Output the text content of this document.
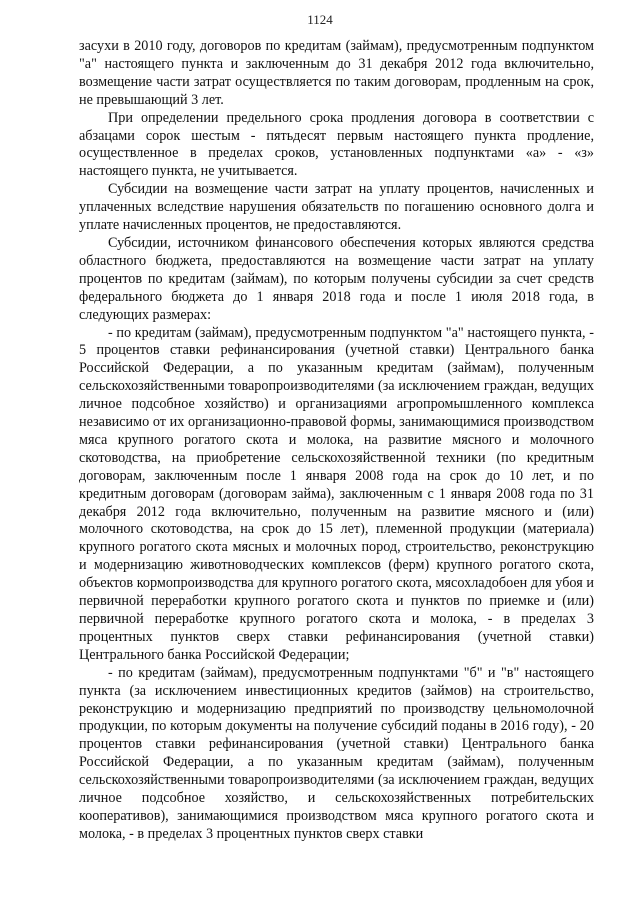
1124

засухи в 2010 году, договоров по кредитам (займам), предусмотренным подпунктом "а" настоящего пункта и заключенным до 31 декабря 2012 года включительно, возмещение части затрат осуществляется по таким договорам, продленным на срок, не превышающий 3 лет.

При определении предельного срока продления договора в соответствии с абзацами сорок шестым - пятьдесят первым настоящего пункта продление, осуществленное в пределах сроков, установленных подпунктами «а» - «з» настоящего пункта, не учитывается.

Субсидии на возмещение части затрат на уплату процентов, начисленных и уплаченных вследствие нарушения обязательств по погашению основного долга и уплате начисленных процентов, не предоставляются.

Субсидии, источником финансового обеспечения которых являются средства областного бюджета, предоставляются на возмещение части затрат на уплату процентов по кредитам (займам), по которым получены субсидии за счет средств федерального бюджета до 1 января 2018 года и после 1 июля 2018 года, в следующих размерах:

- по кредитам (займам), предусмотренным подпунктом "а" настоящего пункта, - 5 процентов ставки рефинансирования (учетной ставки) Центрального банка Российской Федерации, а по указанным кредитам (займам), полученным сельскохозяйственными товаропроизводителями (за исключением граждан, ведущих личное подсобное хозяйство) и организациями агропромышленного комплекса независимо от их организационно-правовой формы, занимающимися производством мяса крупного рогатого скота и молока, на развитие мясного и молочного скотоводства, на приобретение сельскохозяйственной техники (по кредитным договорам, заключенным после 1 января 2008 года на срок до 10 лет, и по кредитным договорам (договорам займа), заключенным с 1 января 2008 года по 31 декабря 2012 года включительно, полученным на развитие мясного и (или) молочного скотоводства, на срок до 15 лет), племенной продукции (материала) крупного рогатого скота мясных и молочных пород, строительство, реконструкцию и модернизацию животноводческих комплексов (ферм) крупного рогатого скота, объектов кормопроизводства для крупного рогатого скота, мясохладобоен для убоя и первичной переработки крупного рогатого скота и пунктов по приемке и (или) первичной переработке крупного рогатого скота и молока, - в пределах 3 процентных пунктов сверх ставки рефинансирования (учетной ставки) Центрального банка Российской Федерации;

- по кредитам (займам), предусмотренным подпунктами "б" и "в" настоящего пункта (за исключением инвестиционных кредитов (займов) на строительство, реконструкцию и модернизацию предприятий по производству цельномолочной продукции, по которым документы на получение субсидий поданы в 2016 году), - 20 процентов ставки рефинансирования (учетной ставки) Центрального банка Российской Федерации, а по указанным кредитам (займам), полученным сельскохозяйственными товаропроизводителями (за исключением граждан, ведущих личное подсобное хозяйство, и сельскохозяйственных потребительских кооперативов), занимающимися производством мяса крупного рогатого скота и молока, - в пределах 3 процентных пунктов сверх ставки
